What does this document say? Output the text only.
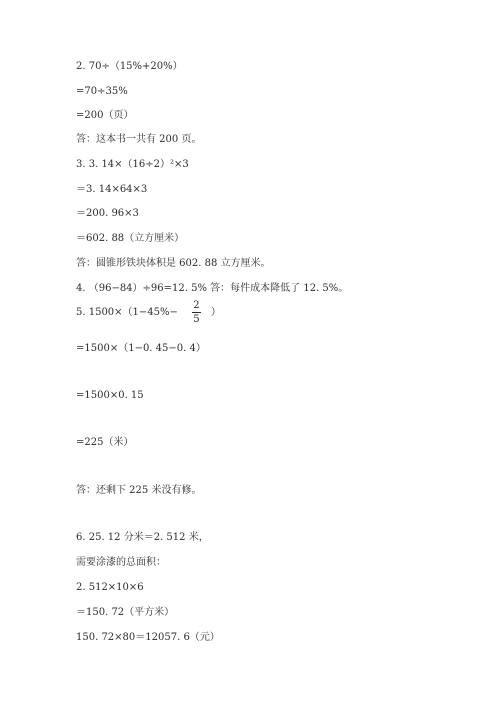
2. 70÷（15%+20%）
=70÷35%
=200（页）
答：这本书一共有 200 页。
3. 3. 14×（16÷2）²×3
＝3. 14×64×3
＝200. 96×3
＝602. 88（立方厘米）
答：圆锥形铁块体积是 602. 88 立方厘米。
4. （96−84）÷96=12. 5% 答：每件成本降低了 12. 5%。
5. $1500\times(1-45\%- \frac{2}{5}$ ）
=1500×（1−0. 45−0. 4）
=1500×0. 15
=225（米）
答：还剩下 225 米没有修。
6. 25. 12 分米＝2. 512 米，
需要涂漆的总面积：
2. 512×10×6
＝150. 72（平方米）
150. 72×80＝12057. 6（元）
